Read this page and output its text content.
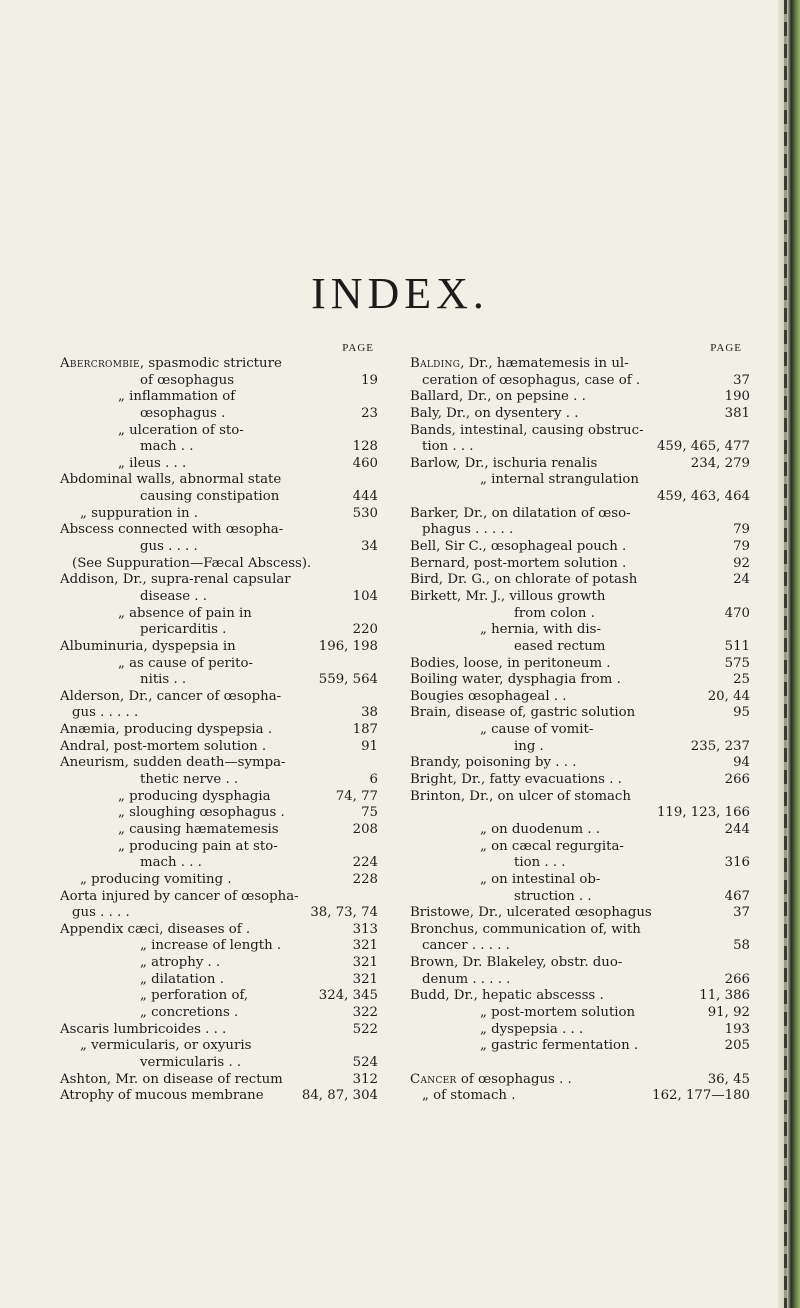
INDEX.
PAGE
Abercrombie, spasmodic stricture
of œsophagus	19
„ inflammation of
œsophagus .	23
„ ulceration of sto-
mach . .	128
„ ileus . . .	460
Abdominal walls, abnormal state
causing constipation	444
„ suppuration in .	530
Abscess connected with œsopha-
gus . . . .	34
(See Suppuration—Fæcal Abscess).
Addison, Dr., supra-renal capsular
disease . .	104
„ absence of pain in
pericarditis .	220
Albuminuria, dyspepsia in	196, 198
„ as cause of perito-
nitis . .	559, 564
Alderson, Dr., cancer of œsopha-
gus . . . . .	38
Anæmia, producing dyspepsia .	187
Andral, post-mortem solution .	91
Aneurism, sudden death—sympa-
thetic nerve . .	6
„ producing dysphagia	74, 77
„ sloughing œsophagus .	75
„ causing hæmatemesis	208
„ producing pain at sto-
mach . . .	224
„ producing vomiting .	228
Aorta injured by cancer of œsopha-
gus . . . .	38, 73, 74
Appendix cæci, diseases of .	313
„ increase of length .	321
„ atrophy . .	321
„ dilatation .	321
„ perforation of,	324, 345
„ concretions .	322
Ascaris lumbricoides . . .	522
„ vermicularis, or oxyuris
vermicularis . .	524
Ashton, Mr. on disease of rectum	312
Atrophy of mucous membrane	84, 87, 304
PAGE
Balding, Dr., hæmatemesis in ul-
ceration of œsophagus, case of .	37
Ballard, Dr., on pepsine . .	190
Baly, Dr., on dysentery . .	381
Bands, intestinal, causing obstruc-
tion . . .	459, 465, 477
Barlow, Dr., ischuria renalis	234, 279
„ internal strangulation
459, 463, 464
Barker, Dr., on dilatation of œso-
phagus . . . . .	79
Bell, Sir C., œsophageal pouch .	79
Bernard, post-mortem solution .	92
Bird, Dr. G., on chlorate of potash	24
Birkett, Mr. J., villous growth
from colon .	470
„ hernia, with dis-
eased rectum	511
Bodies, loose, in peritoneum .	575
Boiling water, dysphagia from .	25
Bougies œsophageal . .	20, 44
Brain, disease of, gastric solution	95
„ cause of vomit-
ing .	235, 237
Brandy, poisoning by . . .	94
Bright, Dr., fatty evacuations . .	266
Brinton, Dr., on ulcer of stomach
119, 123, 166
„ on duodenum . .	244
„ on cæcal regurgita-
tion . . .	316
„ on intestinal ob-
struction . .	467
Bristowe, Dr., ulcerated œsophagus	37
Bronchus, communication of, with
cancer . . . . .	58
Brown, Dr. Blakeley, obstr. duo-
denum . . . . .	266
Budd, Dr., hepatic abscesss .	11, 386
„ post-mortem solution	91, 92
„ dyspepsia . . .	193
„ gastric fermentation .	205
Cancer of œsophagus . .	36, 45
„ of stomach .	162, 177—180
